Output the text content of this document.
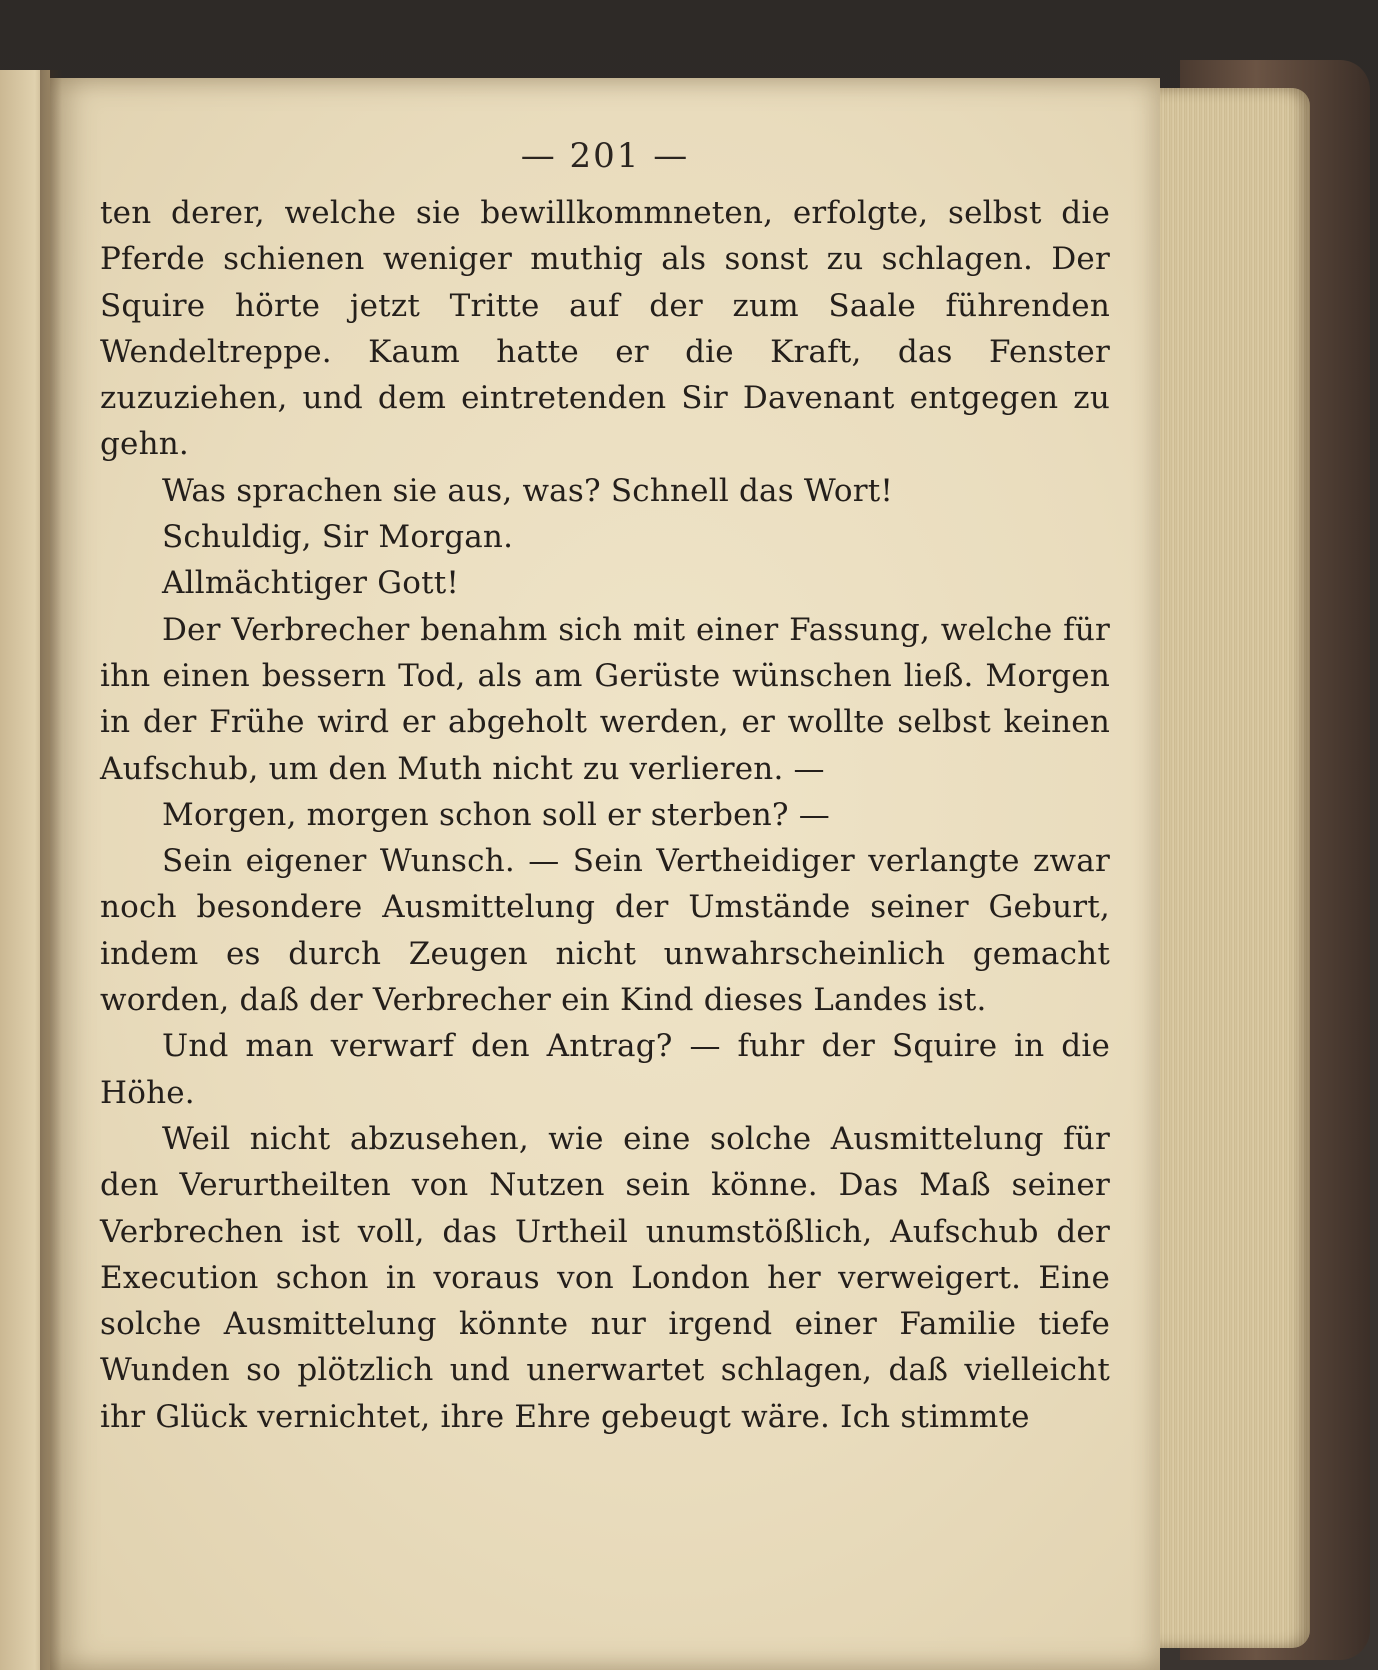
— 201 —

ten derer, welche sie bewillkommneten, erfolgte, selbst die Pferde schienen weniger muthig als sonst zu schlagen. Der Squire hörte jetzt Tritte auf der zum Saale führenden Wendeltreppe. Kaum hatte er die Kraft, das Fenster zuzuziehen, und dem eintretenden Sir Davenant entgegen zu gehn.

Was sprachen sie aus, was? Schnell das Wort!

Schuldig, Sir Morgan.

Allmächtiger Gott!

Der Verbrecher benahm sich mit einer Fassung, welche für ihn einen bessern Tod, als am Gerüste wünschen ließ. Morgen in der Frühe wird er abgeholt werden, er wollte selbst keinen Aufschub, um den Muth nicht zu verlieren. —

Morgen, morgen schon soll er sterben? —

Sein eigener Wunsch. — Sein Vertheidiger verlangte zwar noch besondere Ausmittelung der Umstände seiner Geburt, indem es durch Zeugen nicht unwahrscheinlich gemacht worden, daß der Verbrecher ein Kind dieses Landes ist.

Und man verwarf den Antrag? — fuhr der Squire in die Höhe.

Weil nicht abzusehen, wie eine solche Ausmittelung für den Verurtheilten von Nutzen sein könne. Das Maß seiner Verbrechen ist voll, das Urtheil unumstößlich, Aufschub der Execution schon in voraus von London her verweigert. Eine solche Ausmittelung könnte nur irgend einer Familie tiefe Wunden so plötzlich und unerwartet schlagen, daß vielleicht ihr Glück vernichtet, ihre Ehre gebeugt wäre. Ich stimmte
